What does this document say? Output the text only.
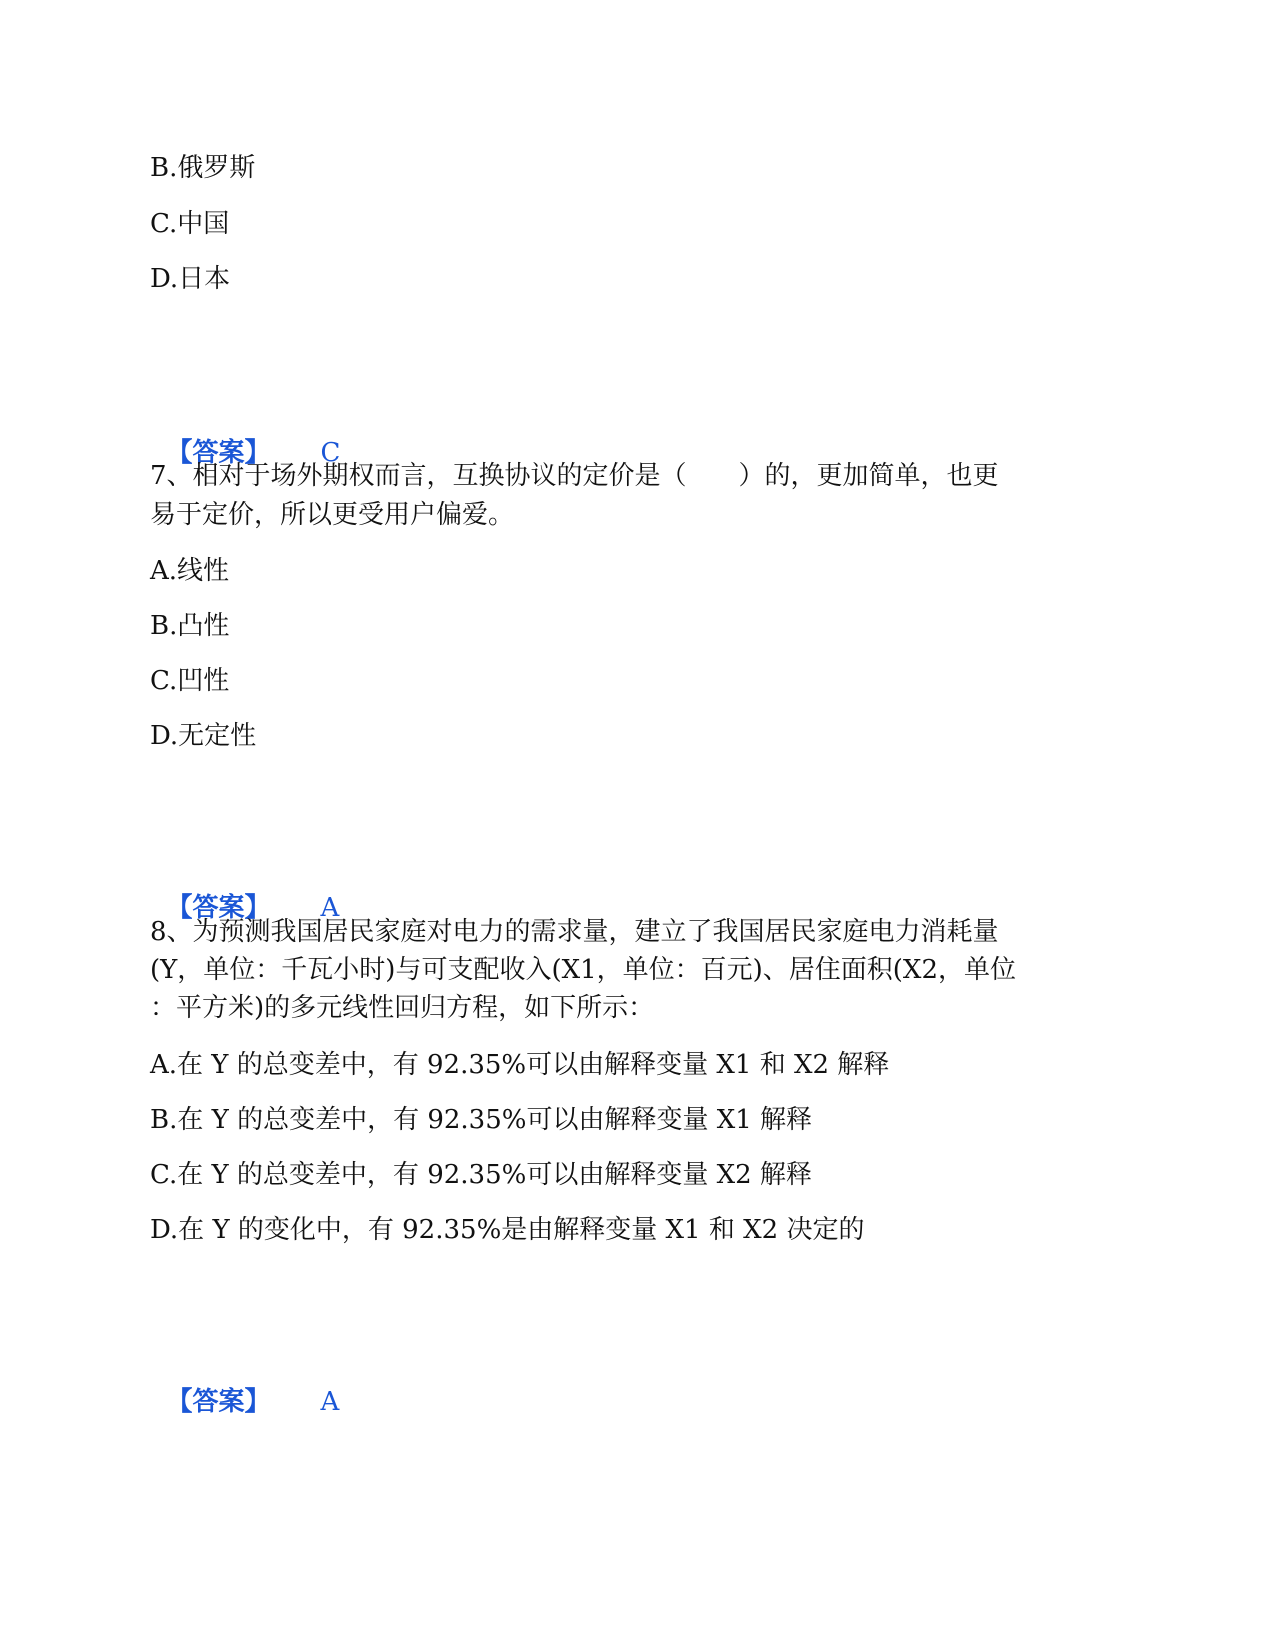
B.俄罗斯
C.中国
D.日本

【答案】 C

7、相对于场外期权而言，互换协议的定价是（　　）的，更加简单，也更
易于定价，所以更受用户偏爱。
A.线性
B.凸性
C.凹性
D.无定性

【答案】 A

8、为预测我国居民家庭对电力的需求量，建立了我国居民家庭电力消耗量
(Y，单位：千瓦小时)与可支配收入(X1，单位：百元)、居住面积(X2，单位
：平方米)的多元线性回归方程，如下所示：
A.在 Y 的总变差中，有 92.35%可以由解释变量 X1 和 X2 解释
B.在 Y 的总变差中，有 92.35%可以由解释变量 X1 解释
C.在 Y 的总变差中，有 92.35%可以由解释变量 X2 解释
D.在 Y 的变化中，有 92.35%是由解释变量 X1 和 X2 决定的

【答案】 A
